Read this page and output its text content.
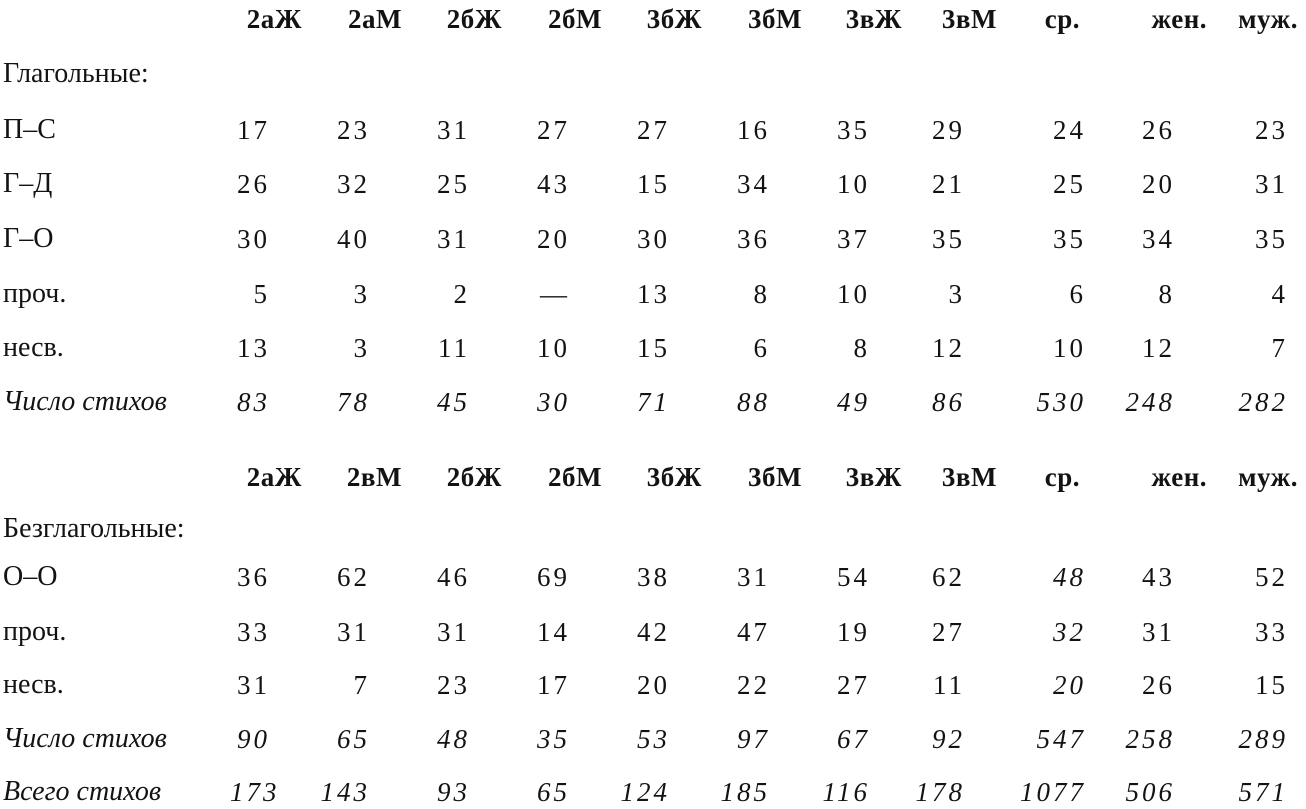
	2аЖ	2аМ	2бЖ	2бМ	3бЖ	3бМ	3вЖ	3вМ	ср.	жен.	муж.
Глагольные:											
П–С	17	23	31	27	27	16	35	29	24	26	23
Г–Д	26	32	25	43	15	34	10	21	25	20	31
Г–О	30	40	31	20	30	36	37	35	35	34	35
проч.	5	3	2	—	13	8	10	3	6	8	4
несв.	13	3	11	10	15	6	8	12	10	12	7
Число стихов	83	78	45	30	71	88	49	86	530	248	282
	2аЖ	2вМ	2бЖ	2бМ	3бЖ	3бМ	3вЖ	3вМ	ср.	жен.	муж.
Безглагольные:											
О–О	36	62	46	69	38	31	54	62	48	43	52
проч.	33	31	31	14	42	47	19	27	32	31	33
несв.	31	7	23	17	20	22	27	11	20	26	15
Число стихов	90	65	48	35	53	97	67	92	547	258	289
Всего стихов	173	143	93	65	124	185	116	178	1077	506	571
